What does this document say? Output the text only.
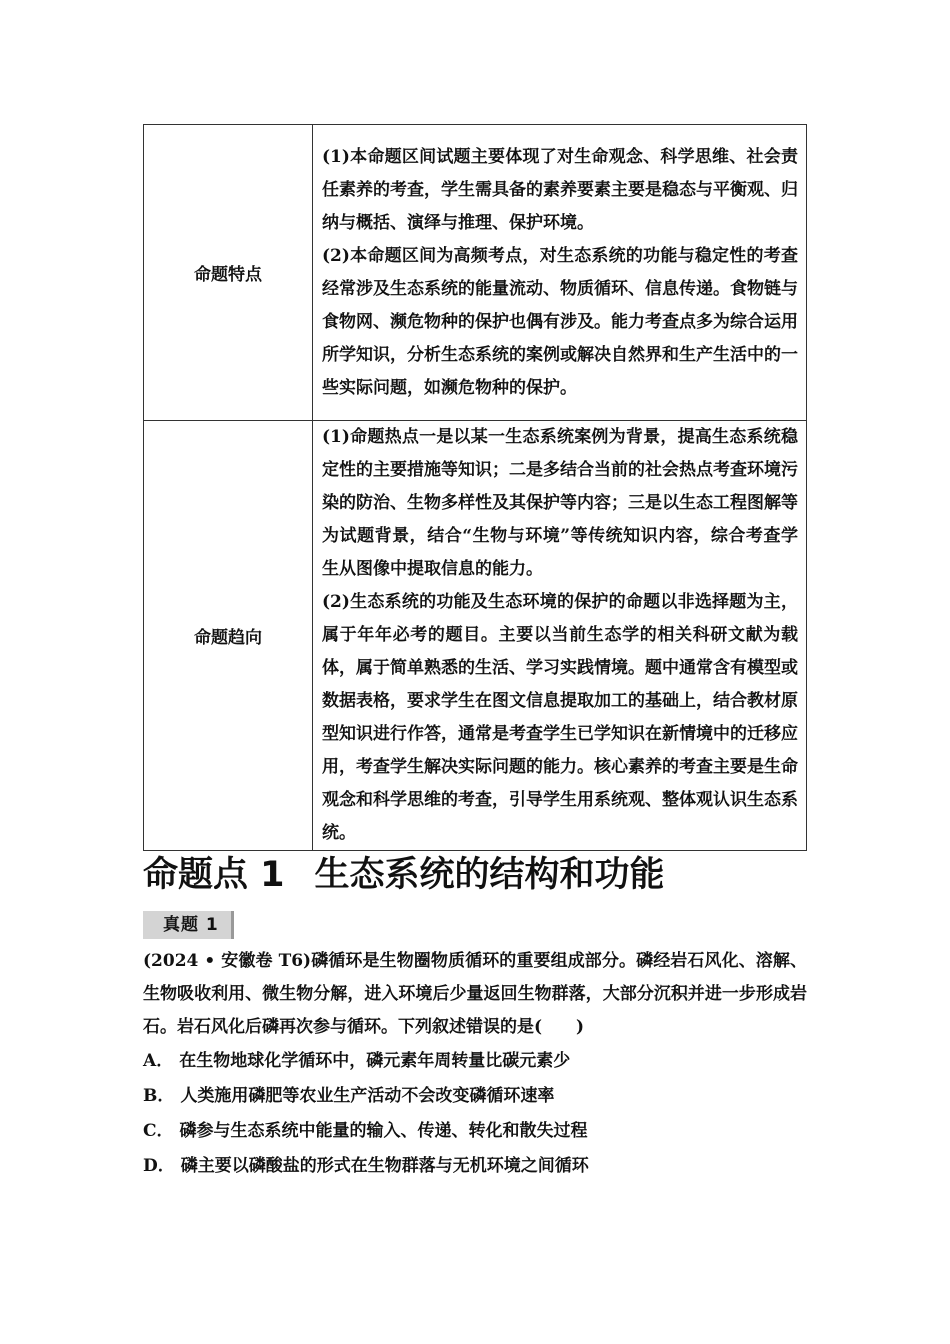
命题特点	(1)本命题区间试题主要体现了对生命观念、科学思维、社会责任素养的考查，学生需具备的素养要素主要是稳态与平衡观、归纳与概括、演绎与推理、保护环境。

(2)本命题区间为高频考点，对生态系统的功能与稳定性的考查经常涉及生态系统的能量流动、物质循环、信息传递。食物链与食物网、濒危物种的保护也偶有涉及。能力考查点多为综合运用所学知识，分析生态系统的案例或解决自然界和生产生活中的一些实际问题，如濒危物种的保护。

命题趋向	(1)命题热点一是以某一生态系统案例为背景，提高生态系统稳定性的主要措施等知识；二是多结合当前的社会热点考查环境污染的防治、生物多样性及其保护等内容；三是以生态工程图解等为试题背景，结合“生物与环境”等传统知识内容，综合考查学生从图像中提取信息的能力。

(2)生态系统的功能及生态环境的保护的命题以非选择题为主，属于年年必考的题目。主要以当前生态学的相关科研文献为载体，属于简单熟悉的生活、学习实践情境。题中通常含有模型或数据表格，要求学生在图文信息提取加工的基础上，结合教材原型知识进行作答，通常是考查学生已学知识在新情境中的迁移应用，考查学生解决实际问题的能力。核心素养的考查主要是生命观念和科学思维的考查，引导学生用系统观、整体观认识生态系统。

命题点 1 生态系统的结构和功能
真题 1
(2024 • 安徽卷 T6)磷循环是生物圈物质循环的重要组成部分。磷经岩石风化、溶解、生物吸收利用、微生物分解，进入环境后少量返回生物群落，大部分沉积并进一步形成岩石。岩石风化后磷再次参与循环。下列叙述错误的是(　　)
A． 在生物地球化学循环中，磷元素年周转量比碳元素少
B． 人类施用磷肥等农业生产活动不会改变磷循环速率
C． 磷参与生态系统中能量的输入、传递、转化和散失过程
D． 磷主要以磷酸盐的形式在生物群落与无机环境之间循环
